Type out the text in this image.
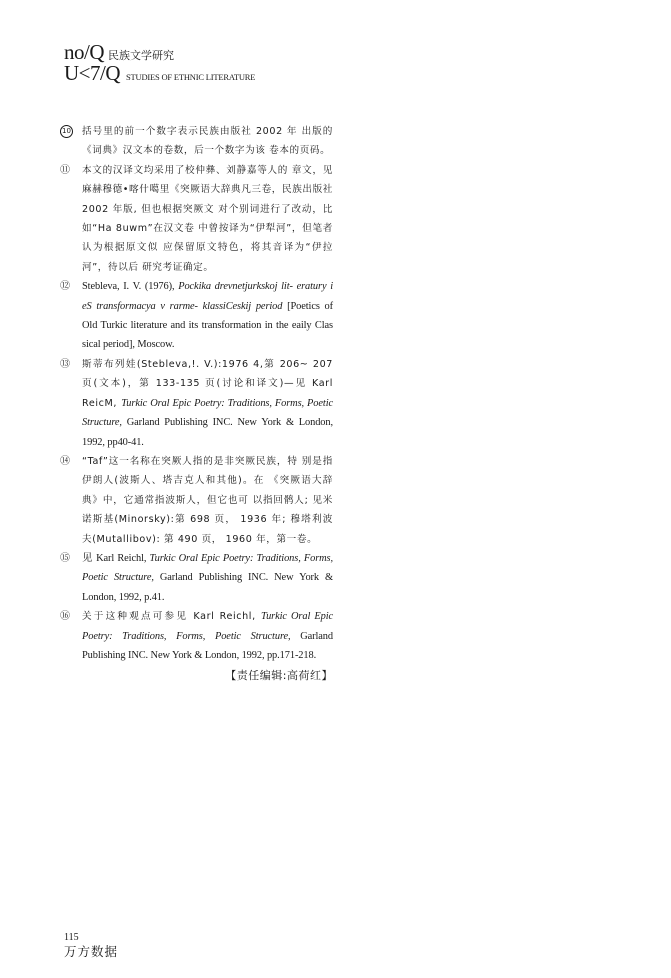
no/Q 民族文学研究
U<7/Q STUDIES OF ETHNIC LITERATURE
10 括号里的前一个数字表示民族由版社 2002 年 出版的《词典》汉文本的卷数，后一个数字为该 卷本的页码。
⑪ 本文的汉译文均采用了校仲彝、刘静嘉等人的 章文，见麻赫穆德•喀什噶里《突厥语大辞典凡三卷，民族出版社 2002 年版, 但也根据突厥文 对个别词进行了改动，比如“Ha 8uwm”在汉文卷 中曾按译为“伊犁河”，但笔者认为根据原文似 应保留原文特色，将其音译为“伊拉河”，待以后 研究考证确定。
⑫ Stebleva, I. V. (1976), Pockika drevnetjurkskoj lit- eratury i eS transformacya v rarme- klassiCeskij period [Poetics of Old Turkic literature and its transformation in the eaily Clas sical period], Moscow.
⑬ 斯蒂布列娃(Stebleva,!. V.):1976 4,第 206~ 207 页(文本)，第 133-135 页(讨论和译文)—见 Karl ReicM, Turkic Oral Epic Poetry: Traditions, Forms, Poetic Structure, Garland Publishing INC. New York & London, 1992, pp40-41.
⑭ “Taf”这一名称在突厥人指的是非突厥民族，特 别是指伊朗人(波斯人、塔吉克人和其他)。在 《突厥语大辞典》中，它通常指波斯人，但它也可 以指回鹘人; 见米诺斯基(Minorsky):第 698 页， 1936 年; 穆塔利波夫(Mutallibov): 第 490 页， 1960 年，第一卷。
⑮ 见 Karl Reichl, Turkic Oral Epic Poetry: Traditions, Forms, Poetic Structure, Garland Publishing INC. New York & London, 1992, p.41.
⑯ 关于这种观点可参见 Karl Reichl, Turkic Oral Epic Poetry: Traditions, Forms, Poetic Structure, Garland Publishing INC. New York & London, 1992, pp.171-218.
【责任编辑:高荷红】
115
万方数据
